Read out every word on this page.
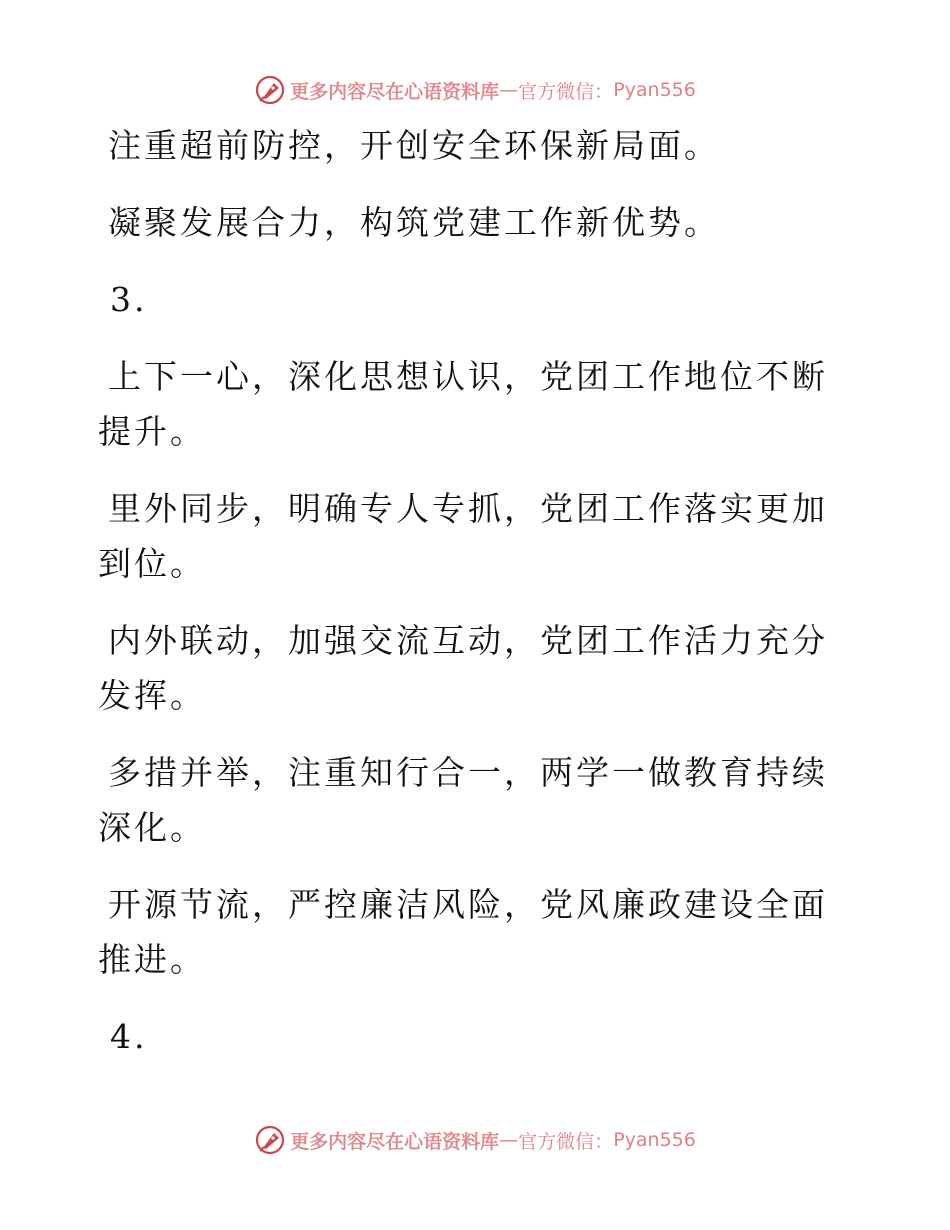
更多内容尽在心语资料库 — 官方微信： Pyan556

注重超前防控，开创安全环保新局面。

凝聚发展合力，构筑党建工作新优势。

3.

上下一心，深化思想认识，党团工作地位不断提升。

里外同步，明确专人专抓，党团工作落实更加到位。

内外联动，加强交流互动，党团工作活力充分发挥。

多措并举，注重知行合一，两学一做教育持续深化。

开源节流，严控廉洁风险，党风廉政建设全面推进。

4.

更多内容尽在心语资料库 — 官方微信： Pyan556
